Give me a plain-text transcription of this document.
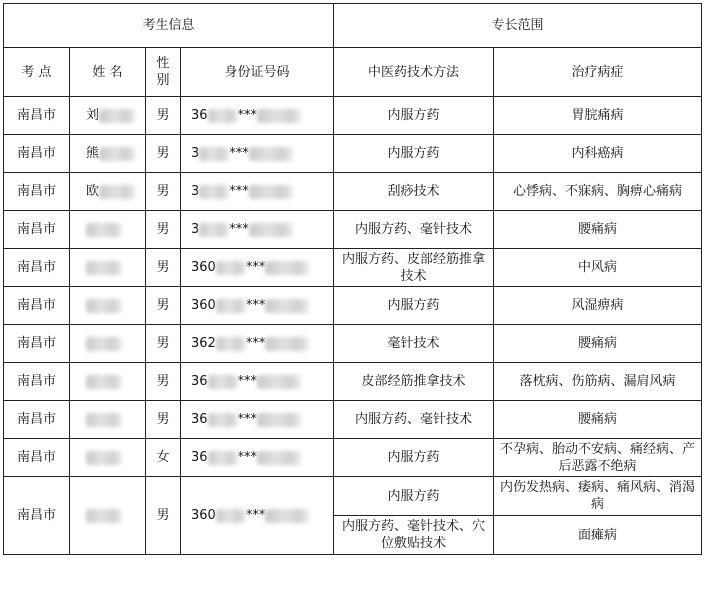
考生信息				专长范围	
考 点	姓 名	性别	身份证号码	中医药技术方法	治疗病症
南昌市	刘	男	36 ***	内服方药	胃脘痛病
南昌市	熊	男	3 ***	内服方药	内科癌病
南昌市	欧	男	3 ***	刮痧技术	心悸病、不寐病、胸痹心痛病
南昌市		男	3 ***	内服方药、毫针技术	腰痛病
南昌市		男	360 ***	内服方药、皮部经筋推拿技术	中风病
南昌市		男	360 ***	内服方药	风湿痹病
南昌市		男	362 ***	毫针技术	腰痛病
南昌市		男	36 ***	皮部经筋推拿技术	落枕病、伤筋病、漏肩风病
南昌市		男	36 ***	内服方药、毫针技术	腰痛病
南昌市		女	36 ***	内服方药	不孕病、胎动不安病、痛经病、产后恶露不绝病
南昌市		男	360 ***	内服方药	内伤发热病、痿病、痛风病、消渴病
				内服方药、毫针技术、穴位敷贴技术	面瘫病
